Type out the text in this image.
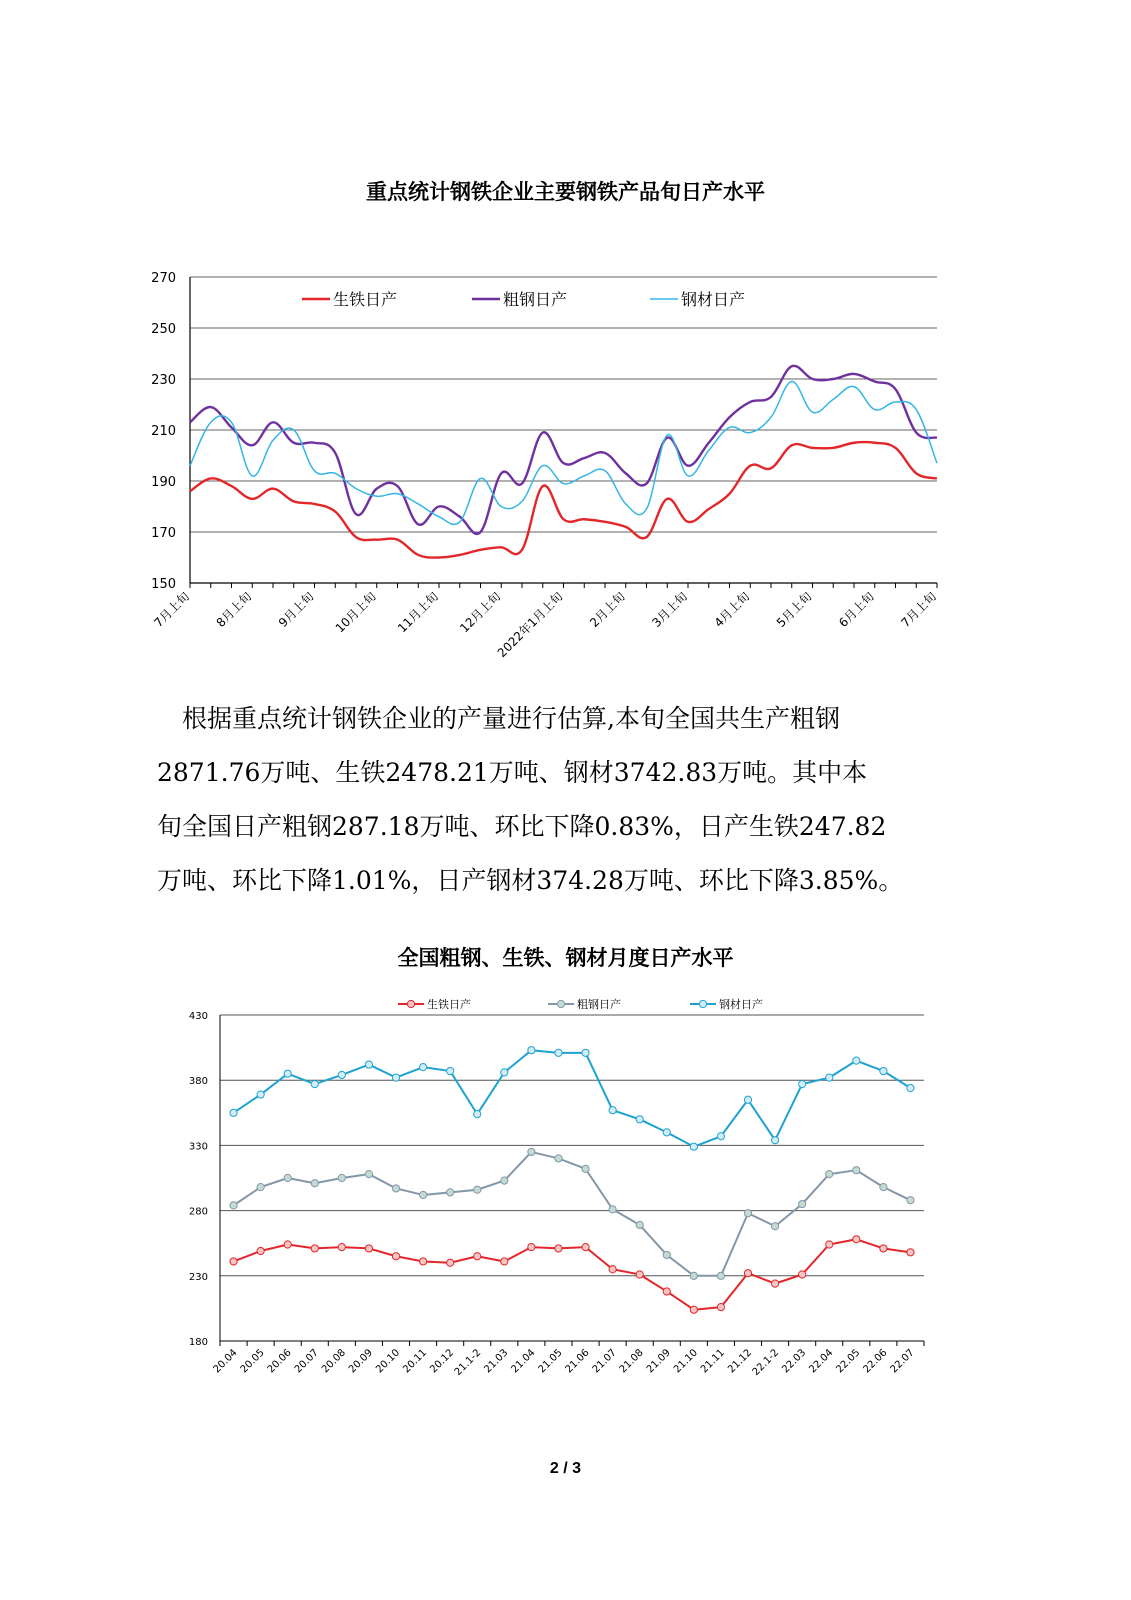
重点统计钢铁企业主要钢铁产品旬日产水平
150
170
190
210
230
250
270
7月上旬 8月上旬 9月上旬 10月上旬 11月上旬 12月上旬
2022年1月上旬 2月上旬 3月上旬 4月上旬 5月上旬 6月上旬 7月上旬
生铁日产	粗钢日产	钢材日产
根据重点统计钢铁企业的产量进行估算,本旬全国共生产粗钢
2871.76万吨、生铁2478.21万吨、钢材3742.83万吨。其中本
旬全国日产粗钢287.18万吨、环比下降0.83%，日产生铁247.82
万吨、环比下降1.01%，日产钢材374.28万吨、环比下降3.85%。
全国粗钢、生铁、钢材月度日产水平
180
230
280
330
380
430
20.04 20.05 20.06 20.07 20.08 20.09 20.10 20.11 20.12
21.1-2 21.03 21.04 21.05 21.06 21.07 21.08 21.09 21.10 21.11 21.12
22.1-2 22.03 22.04 22.05 22.06 22.07
生铁日产	粗钢日产	钢材日产
2 / 3
